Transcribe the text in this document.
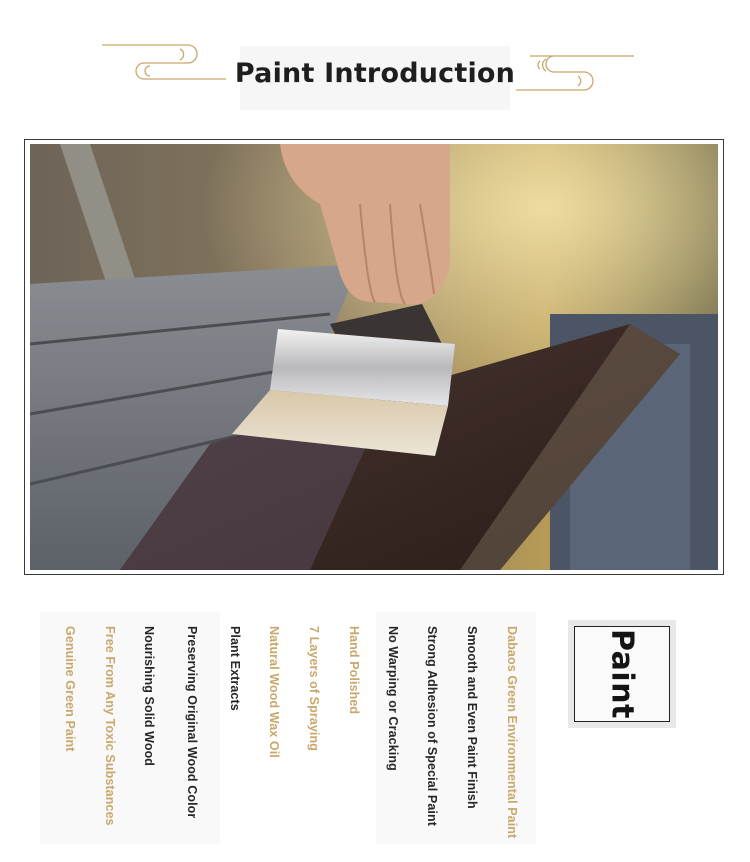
Paint Introduction
Dabaos Green Environmental Paint
Smooth and Even Paint Finish
Strong Adhesion of Special Paint
No Warping or Cracking
Hand Polished
7 Layers of Spraying
Natural Wood Wax Oil
Plant Extracts
Preserving Original Wood Color
Nourishing Solid Wood
Free From Any Toxic Substances
Genuine Green Paint	Paint
